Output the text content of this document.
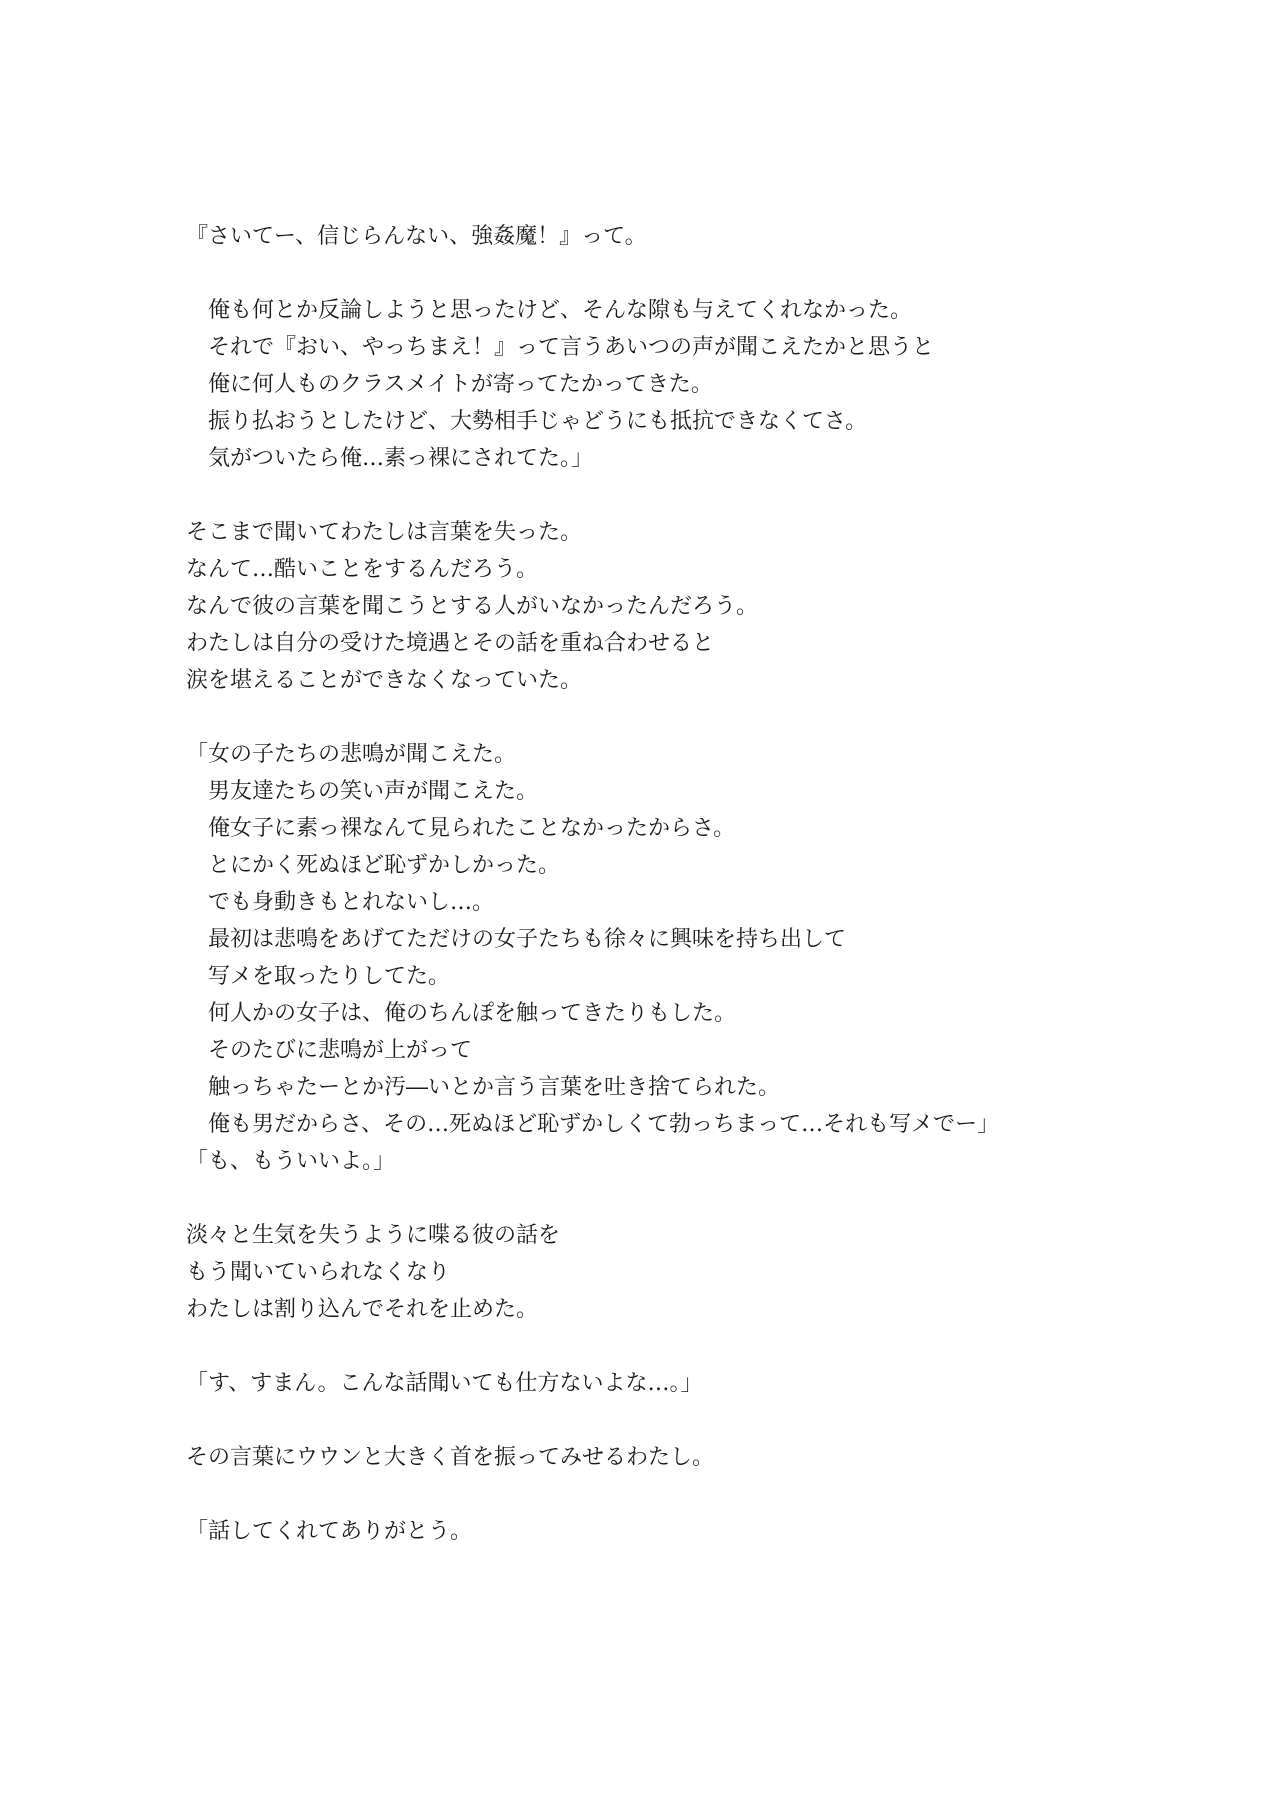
『さいてー、信じらんない、強姦魔！』って。
俺も何とか反論しようと思ったけど、そんな隙も与えてくれなかった。
それで『おい、やっちまえ！』って言うあいつの声が聞こえたかと思うと
俺に何人ものクラスメイトが寄ってたかってきた。
振り払おうとしたけど、大勢相手じゃどうにも抵抗できなくてさ。
気がついたら俺…素っ裸にされてた。」
そこまで聞いてわたしは言葉を失った。
なんて…酷いことをするんだろう。
なんで彼の言葉を聞こうとする人がいなかったんだろう。
わたしは自分の受けた境遇とその話を重ね合わせると
涙を堪えることができなくなっていた。
「女の子たちの悲鳴が聞こえた。
男友達たちの笑い声が聞こえた。
俺女子に素っ裸なんて見られたことなかったからさ。
とにかく死ぬほど恥ずかしかった。
でも身動きもとれないし…。
最初は悲鳴をあげてただけの女子たちも徐々に興味を持ち出して
写メを取ったりしてた。
何人かの女子は、俺のちんぽを触ってきたりもした。
そのたびに悲鳴が上がって
触っちゃたーとか汚―いとか言う言葉を吐き捨てられた。
俺も男だからさ、その…死ぬほど恥ずかしくて勃っちまって…それも写メでー」
「も、もういいよ。」
淡々と生気を失うように喋る彼の話を
もう聞いていられなくなり
わたしは割り込んでそれを止めた。
「す、すまん。こんな話聞いても仕方ないよな…。」
その言葉にウウンと大きく首を振ってみせるわたし。
「話してくれてありがとう。
